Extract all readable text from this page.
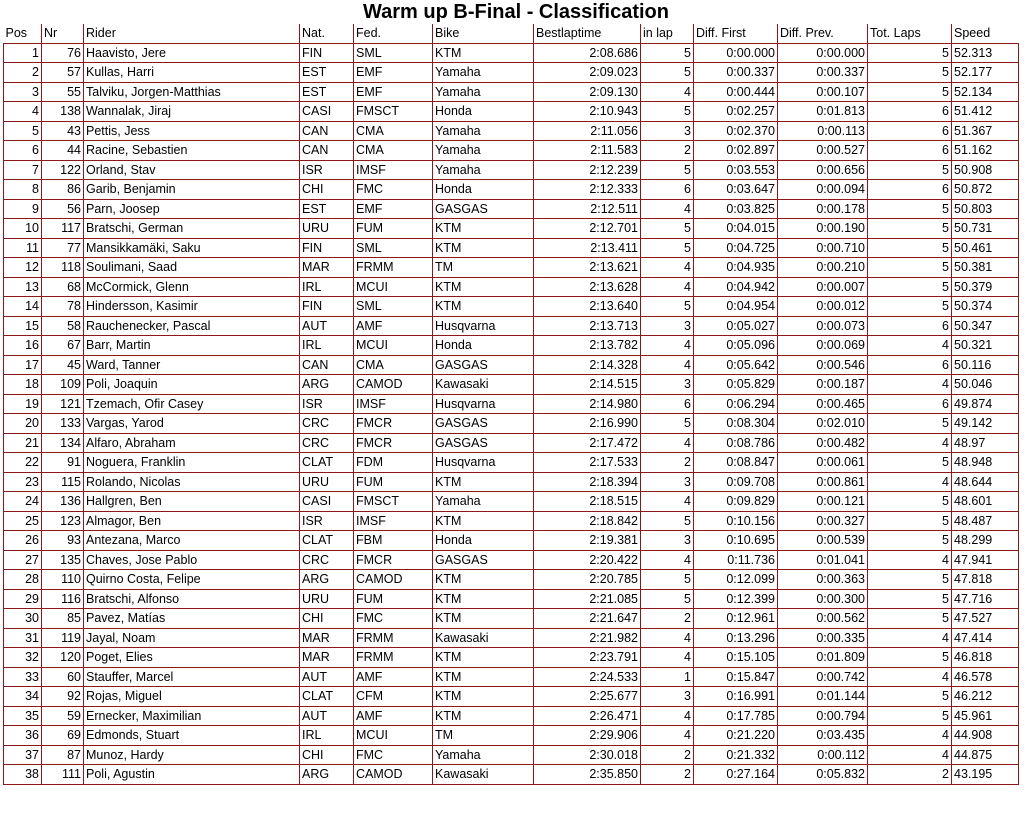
Warm up B-Final - Classification
Pos	Nr	Rider	Nat.	Fed.	Bike	Bestlaptime	in lap	Diff. First	Diff. Prev.	Tot. Laps	Speed
1	76	Haavisto, Jere	FIN	SML	KTM	2:08.686	5	0:00.000	0:00.000	5	52.313
2	57	Kullas, Harri	EST	EMF	Yamaha	2:09.023	5	0:00.337	0:00.337	5	52.177
3	55	Talviku, Jorgen-Matthias	EST	EMF	Yamaha	2:09.130	4	0:00.444	0:00.107	5	52.134
4	138	Wannalak, Jiraj	CASI	FMSCT	Honda	2:10.943	5	0:02.257	0:01.813	6	51.412
5	43	Pettis, Jess	CAN	CMA	Yamaha	2:11.056	3	0:02.370	0:00.113	6	51.367
6	44	Racine, Sebastien	CAN	CMA	Yamaha	2:11.583	2	0:02.897	0:00.527	6	51.162
7	122	Orland, Stav	ISR	IMSF	Yamaha	2:12.239	5	0:03.553	0:00.656	5	50.908
8	86	Garib, Benjamin	CHI	FMC	Honda	2:12.333	6	0:03.647	0:00.094	6	50.872
9	56	Parn, Joosep	EST	EMF	GASGAS	2:12.511	4	0:03.825	0:00.178	5	50.803
10	117	Bratschi, German	URU	FUM	KTM	2:12.701	5	0:04.015	0:00.190	5	50.731
11	77	Mansikkamäki, Saku	FIN	SML	KTM	2:13.411	5	0:04.725	0:00.710	5	50.461
12	118	Soulimani, Saad	MAR	FRMM	TM	2:13.621	4	0:04.935	0:00.210	5	50.381
13	68	McCormick, Glenn	IRL	MCUI	KTM	2:13.628	4	0:04.942	0:00.007	5	50.379
14	78	Hindersson, Kasimir	FIN	SML	KTM	2:13.640	5	0:04.954	0:00.012	5	50.374
15	58	Rauchenecker, Pascal	AUT	AMF	Husqvarna	2:13.713	3	0:05.027	0:00.073	6	50.347
16	67	Barr, Martin	IRL	MCUI	Honda	2:13.782	4	0:05.096	0:00.069	4	50.321
17	45	Ward, Tanner	CAN	CMA	GASGAS	2:14.328	4	0:05.642	0:00.546	6	50.116
18	109	Poli, Joaquin	ARG	CAMOD	Kawasaki	2:14.515	3	0:05.829	0:00.187	4	50.046
19	121	Tzemach, Ofir Casey	ISR	IMSF	Husqvarna	2:14.980	6	0:06.294	0:00.465	6	49.874
20	133	Vargas, Yarod	CRC	FMCR	GASGAS	2:16.990	5	0:08.304	0:02.010	5	49.142
21	134	Alfaro, Abraham	CRC	FMCR	GASGAS	2:17.472	4	0:08.786	0:00.482	4	48.97
22	91	Noguera, Franklin	CLAT	FDM	Husqvarna	2:17.533	2	0:08.847	0:00.061	5	48.948
23	115	Rolando, Nicolas	URU	FUM	KTM	2:18.394	3	0:09.708	0:00.861	4	48.644
24	136	Hallgren, Ben	CASI	FMSCT	Yamaha	2:18.515	4	0:09.829	0:00.121	5	48.601
25	123	Almagor, Ben	ISR	IMSF	KTM	2:18.842	5	0:10.156	0:00.327	5	48.487
26	93	Antezana, Marco	CLAT	FBM	Honda	2:19.381	3	0:10.695	0:00.539	5	48.299
27	135	Chaves, Jose Pablo	CRC	FMCR	GASGAS	2:20.422	4	0:11.736	0:01.041	4	47.941
28	110	Quirno Costa, Felipe	ARG	CAMOD	KTM	2:20.785	5	0:12.099	0:00.363	5	47.818
29	116	Bratschi, Alfonso	URU	FUM	KTM	2:21.085	5	0:12.399	0:00.300	5	47.716
30	85	Pavez, Matías	CHI	FMC	KTM	2:21.647	2	0:12.961	0:00.562	5	47.527
31	119	Jayal, Noam	MAR	FRMM	Kawasaki	2:21.982	4	0:13.296	0:00.335	4	47.414
32	120	Poget, Elies	MAR	FRMM	KTM	2:23.791	4	0:15.105	0:01.809	5	46.818
33	60	Stauffer, Marcel	AUT	AMF	KTM	2:24.533	1	0:15.847	0:00.742	4	46.578
34	92	Rojas, Miguel	CLAT	CFM	KTM	2:25.677	3	0:16.991	0:01.144	5	46.212
35	59	Ernecker, Maximilian	AUT	AMF	KTM	2:26.471	4	0:17.785	0:00.794	5	45.961
36	69	Edmonds, Stuart	IRL	MCUI	TM	2:29.906	4	0:21.220	0:03.435	4	44.908
37	87	Munoz, Hardy	CHI	FMC	Yamaha	2:30.018	2	0:21.332	0:00.112	4	44.875
38	111	Poli, Agustin	ARG	CAMOD	Kawasaki	2:35.850	2	0:27.164	0:05.832	2	43.195
